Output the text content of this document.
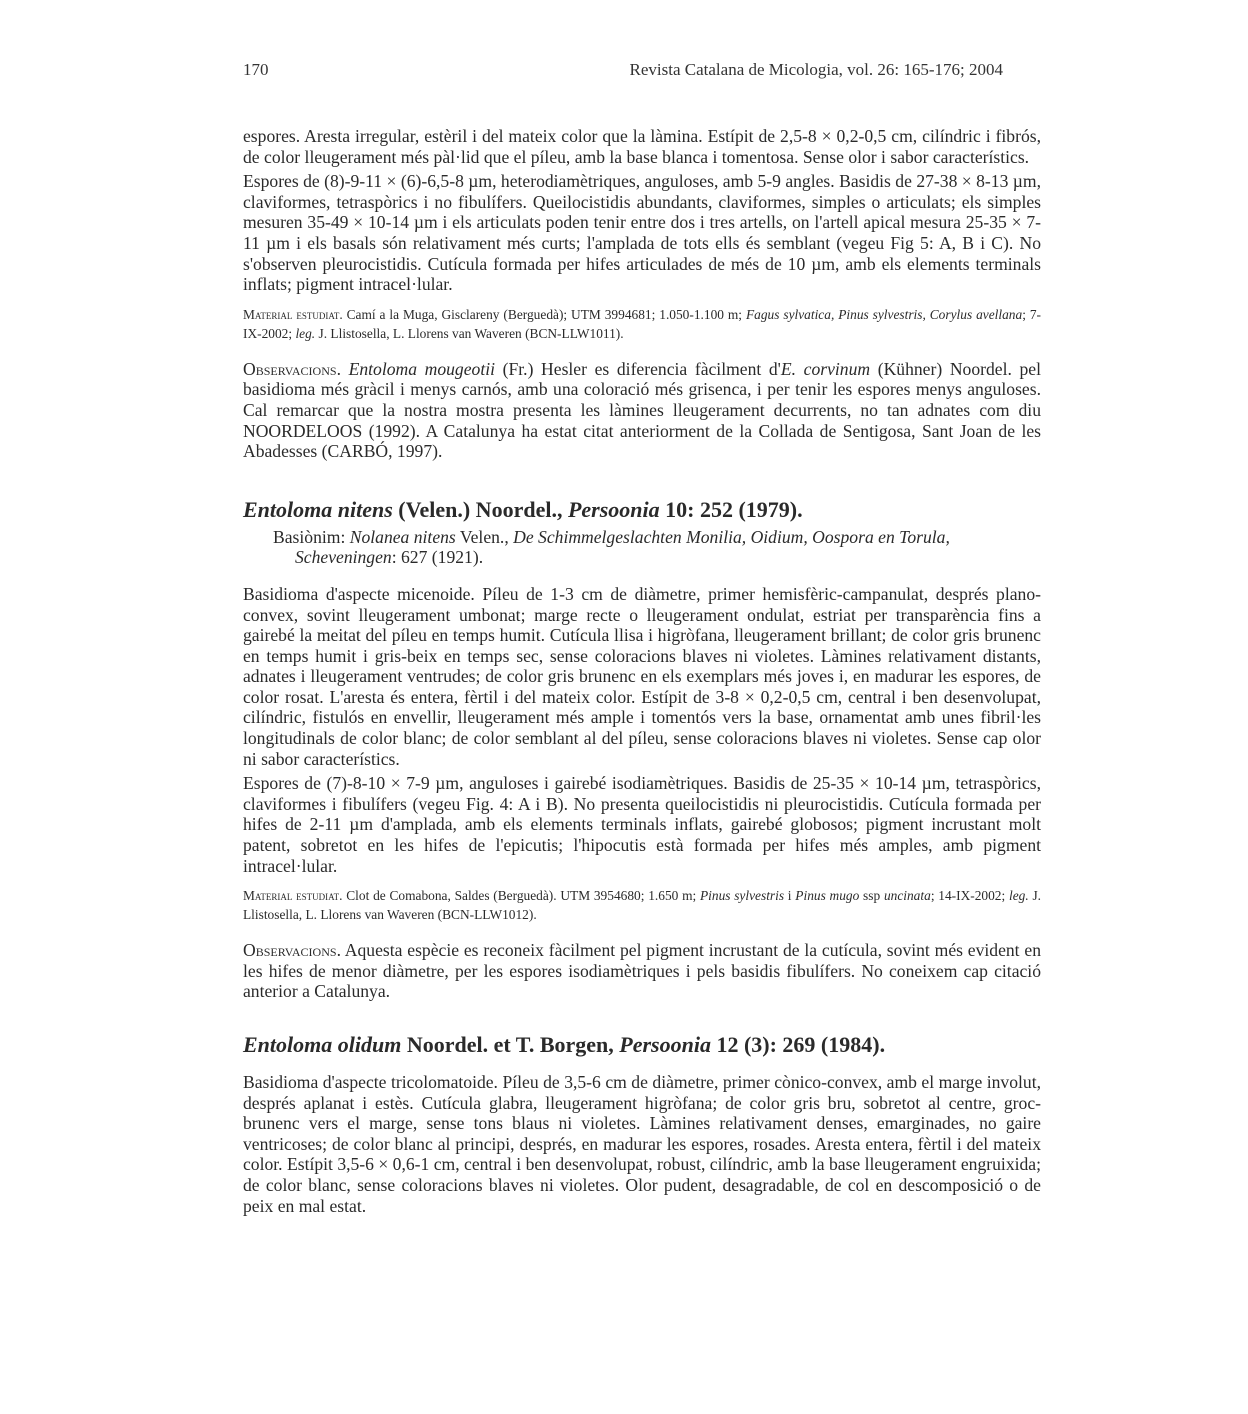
170	Revista Catalana de Micologia, vol. 26: 165-176; 2004

espores. Aresta irregular, estèril i del mateix color que la làmina. Estípit de 2,5-8 × 0,2-0,5 cm, cilíndric i fibrós, de color lleugerament més pàl·lid que el píleu, amb la base blanca i tomentosa. Sense olor i sabor característics.

Espores de (8)-9-11 × (6)-6,5-8 µm, heterodiamètriques, anguloses, amb 5-9 angles. Basidis de 27-38 × 8-13 µm, claviformes, tetraspòrics i no fibulífers. Queilocistidis abundants, claviformes, simples o articulats; els simples mesuren 35-49 × 10-14 µm i els articulats poden tenir entre dos i tres artells, on l'artell apical mesura 25-35 × 7-11 µm i els basals són relativament més curts; l'amplada de tots ells és semblant (vegeu Fig 5: A, B i C). No s'observen pleurocistidis. Cutícula formada per hifes articulades de més de 10 µm, amb els elements terminals inflats; pigment intracel·lular.

Material estudiat. Camí a la Muga, Gisclareny (Berguedà); UTM 3994681; 1.050-1.100 m; Fagus sylvatica, Pinus sylvestris, Corylus avellana; 7-IX-2002; leg. J. Llistosella, L. Llorens van Waveren (BCN-LLW1011).

Observacions. Entoloma mougeotii (Fr.) Hesler es diferencia fàcilment d'E. corvinum (Kühner) Noordel. pel basidioma més gràcil i menys carnós, amb una coloració més grisenca, i per tenir les espores menys anguloses. Cal remarcar que la nostra mostra presenta les làmines lleugerament decurrents, no tan adnates com diu NOORDELOOS (1992). A Catalunya ha estat citat anteriorment de la Collada de Sentigosa, Sant Joan de les Abadesses (CARBÓ, 1997).

Entoloma nitens (Velen.) Noordel., Persoonia 10: 252 (1979).

Basiònim: Nolanea nitens Velen., De Schimmelgeslachten Monilia, Oidium, Oospora en Torula, Scheveningen: 627 (1921).

Basidioma d'aspecte micenoide. Píleu de 1-3 cm de diàmetre, primer hemisfèric-campanulat, després plano-convex, sovint lleugerament umbonat; marge recte o lleugerament ondulat, estriat per transparència fins a gairebé la meitat del píleu en temps humit. Cutícula llisa i higròfana, lleugerament brillant; de color gris brunenc en temps humit i gris-beix en temps sec, sense coloracions blaves ni violetes. Làmines relativament distants, adnates i lleugerament ventrudes; de color gris brunenc en els exemplars més joves i, en madurar les espores, de color rosat. L'aresta és entera, fèrtil i del mateix color. Estípit de 3-8 × 0,2-0,5 cm, central i ben desenvolupat, cilíndric, fistulós en envellir, lleugerament més ample i tomentós vers la base, ornamentat amb unes fibril·les longitudinals de color blanc; de color semblant al del píleu, sense coloracions blaves ni violetes. Sense cap olor ni sabor característics.

Espores de (7)-8-10 × 7-9 µm, anguloses i gairebé isodiamètriques. Basidis de 25-35 × 10-14 µm, tetraspòrics, claviformes i fibulífers (vegeu Fig. 4: A i B). No presenta queilocistidis ni pleurocistidis. Cutícula formada per hifes de 2-11 µm d'amplada, amb els elements terminals inflats, gairebé globosos; pigment incrustant molt patent, sobretot en les hifes de l'epicutis; l'hipocutis està formada per hifes més amples, amb pigment intracel·lular.

Material estudiat. Clot de Comabona, Saldes (Berguedà). UTM 3954680; 1.650 m; Pinus sylvestris i Pinus mugo ssp uncinata; 14-IX-2002; leg. J. Llistosella, L. Llorens van Waveren (BCN-LLW1012).

Observacions. Aquesta espècie es reconeix fàcilment pel pigment incrustant de la cutícula, sovint més evident en les hifes de menor diàmetre, per les espores isodiamètriques i pels basidis fibulífers. No coneixem cap citació anterior a Catalunya.

Entoloma olidum Noordel. et T. Borgen, Persoonia 12 (3): 269 (1984).

Basidioma d'aspecte tricolomatoide. Píleu de 3,5-6 cm de diàmetre, primer cònico-convex, amb el marge involut, després aplanat i estès. Cutícula glabra, lleugerament higròfana; de color gris bru, sobretot al centre, groc-brunenc vers el marge, sense tons blaus ni violetes. Làmines relativament denses, emarginades, no gaire ventricoses; de color blanc al principi, després, en madurar les espores, rosades. Aresta entera, fèrtil i del mateix color. Estípit 3,5-6 × 0,6-1 cm, central i ben desenvolupat, robust, cilíndric, amb la base lleugerament engruixida; de color blanc, sense coloracions blaves ni violetes. Olor pudent, desagradable, de col en descomposició o de peix en mal estat.
